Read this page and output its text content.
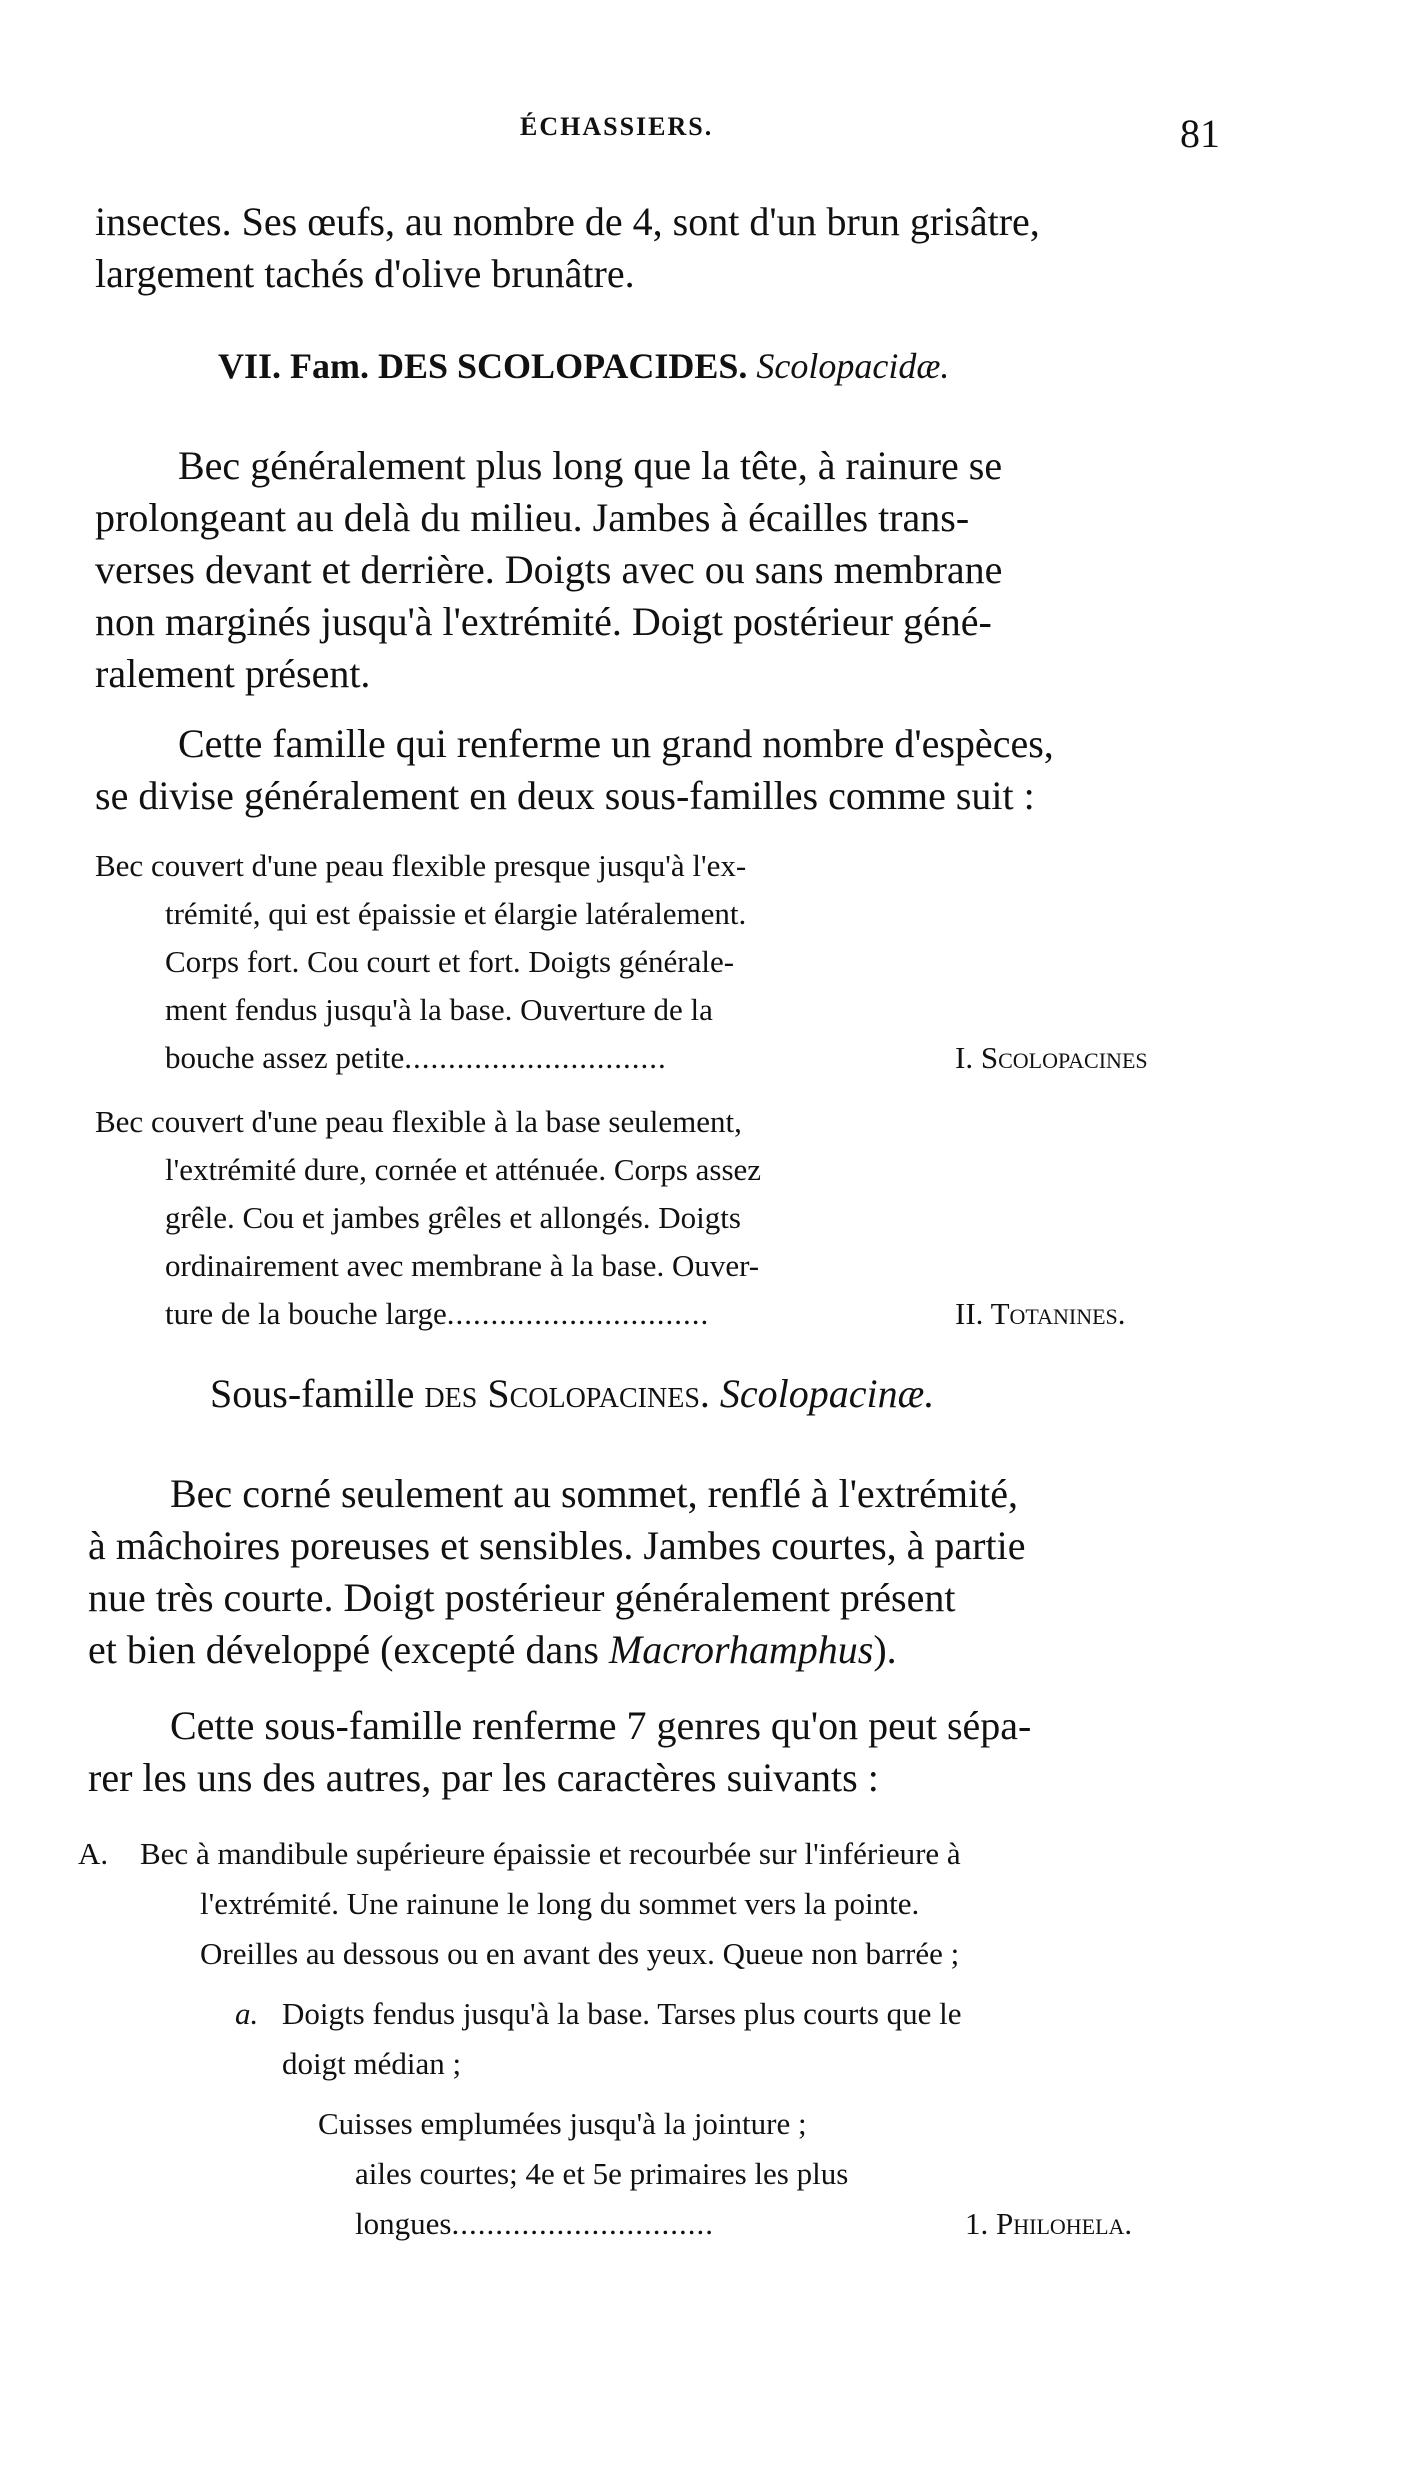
ÉCHASSIERS.	81
insectes. Ses œufs, au nombre de 4, sont d'un brun grisâtre,
largement tachés d'olive brunâtre.
VII. Fam. DES SCOLOPACIDES. Scolopacidæ.
Bec généralement plus long que la tête, à rainure se
prolongeant au delà du milieu. Jambes à écailles trans-
verses devant et derrière. Doigts avec ou sans membrane
non marginés jusqu'à l'extrémité. Doigt postérieur géné-
ralement présent.
Cette famille qui renferme un grand nombre d'espèces,
se divise généralement en deux sous-familles comme suit :
Bec couvert d'une peau flexible presque jusqu'à l'ex-
trémité, qui est épaissie et élargie latéralement.
Corps fort. Cou court et fort. Doigts générale-
ment fendus jusqu'à la base. Ouverture de la
bouche assez petite..............................	I. Scolopacines
Bec couvert d'une peau flexible à la base seulement,
l'extrémité dure, cornée et atténuée. Corps assez
grêle. Cou et jambes grêles et allongés. Doigts
ordinairement avec membrane à la base. Ouver-
ture de la bouche large..............................	II. Totanines.
Sous-famille des Scolopacines. Scolopacinæ.
Bec corné seulement au sommet, renflé à l'extrémité,
à mâchoires poreuses et sensibles. Jambes courtes, à partie
nue très courte. Doigt postérieur généralement présent
et bien développé (excepté dans Macrorhamphus).
Cette sous-famille renferme 7 genres qu'on peut sépa-
rer les uns des autres, par les caractères suivants :
A. Bec à mandibule supérieure épaissie et recourbée sur l'inférieure à
l'extrémité. Une rainune le long du sommet vers la pointe.
Oreilles au dessous ou en avant des yeux. Queue non barrée ;
a. Doigts fendus jusqu'à la base. Tarses plus courts que le
doigt médian ;
Cuisses emplumées jusqu'à la jointure ;
ailes courtes; 4e et 5e primaires les plus
longues..............................	1. Philohela.
